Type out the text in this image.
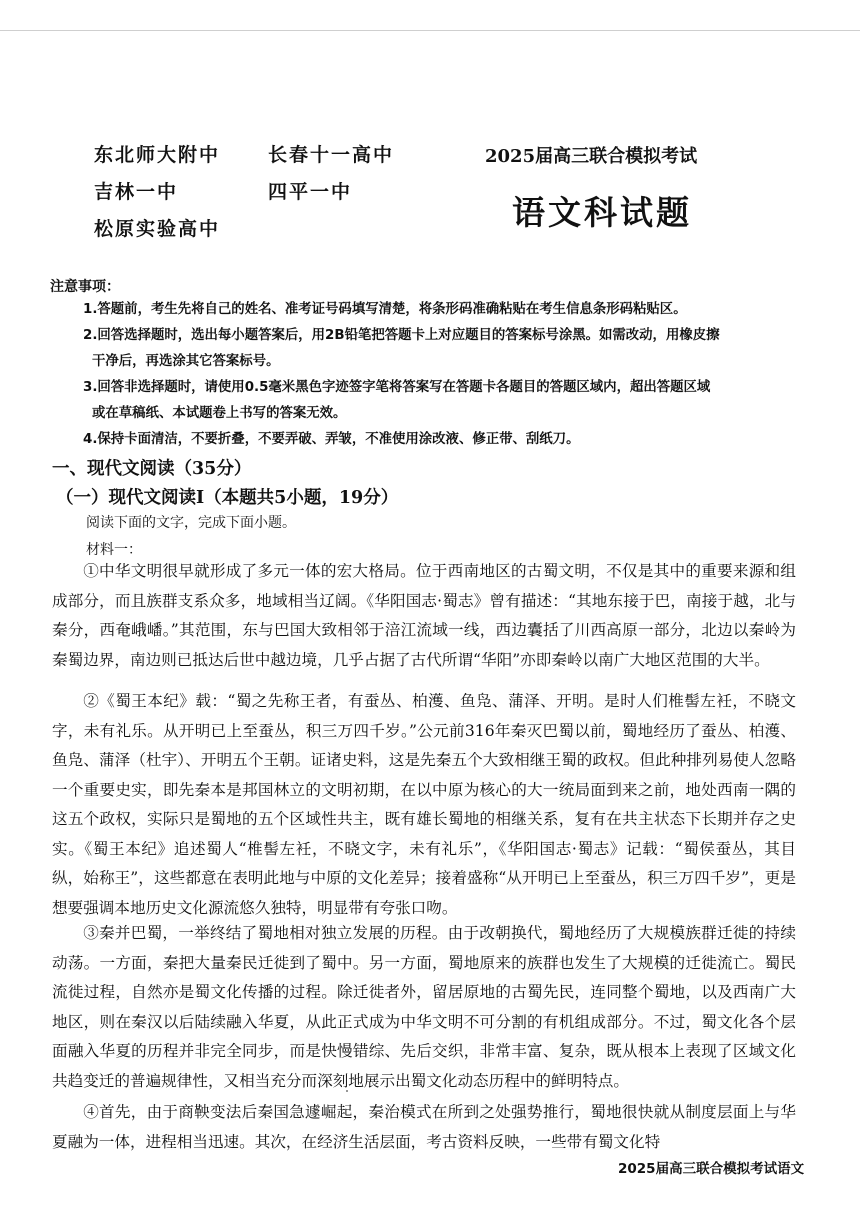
东北师大附中	长春十一高中
吉林一中	四平一中
松原实验高中
2025届高三联合模拟考试
语文科试题
注意事项：
1.答题前，考生先将自己的姓名、准考证号码填写清楚，将条形码准确粘贴在考生信息条形码粘贴区。
2.回答选择题时，选出每小题答案后，用2B铅笔把答题卡上对应题目的答案标号涂黑。如需改动，用橡皮擦
干净后，再选涂其它答案标号。
3.回答非选择题时，请使用0.5毫米黑色字迹签字笔将答案写在答题卡各题目的答题区域内，超出答题区域
或在草稿纸、本试题卷上书写的答案无效。
4.保持卡面清洁，不要折叠，不要弄破、弄皱，不准使用涂改液、修正带、刮纸刀。
一、现代文阅读（35分）
（一）现代文阅读Ⅰ（本题共5小题，19分）
阅读下面的文字，完成下面小题。
材料一：

①中华文明很早就形成了多元一体的宏大格局。位于西南地区的古蜀文明，不仅是其中的重要来源和组成部分，而且族群支系众多，地域相当辽阔。《华阳国志·蜀志》曾有描述：“其地东接于巴，南接于越，北与秦分，西奄峨嶓。”其范围，东与巴国大致相邻于涪江流域一线，西边囊括了川西高原一部分，北边以秦岭为秦蜀边界，南边则已抵达后世中越边境，几乎占据了古代所谓“华阳”亦即秦岭以南广大地区范围的大半。

②《蜀王本纪》载：“蜀之先称王者，有蚕丛、柏濩、鱼凫、蒲泽、开明。是时人们椎髻左衽，不晓文字，未有礼乐。从开明已上至蚕丛，积三万四千岁。”公元前316年秦灭巴蜀以前，蜀地经历了蚕丛、柏濩、鱼凫、蒲泽（杜宇）、开明五个王朝。证诸史料，这是先秦五个大致相继王蜀的政权。但此种排列易使人忽略一个重要史实，即先秦本是邦国林立的文明初期，在以中原为核心的大一统局面到来之前，地处西南一隅的这五个政权，实际只是蜀地的五个区域性共主，既有雄长蜀地的相继关系，复有在共主状态下长期并存之史实。《蜀王本纪》追述蜀人“椎髻左衽，不晓文字，未有礼乐”，《华阳国志·蜀志》记载：“蜀侯蚕丛，其目纵，始称王”，这些都意在表明此地与中原的文化差异；接着盛称“从开明已上至蚕丛，积三万四千岁”，更是想要强调本地历史文化源流悠久独特，明显带有夸张口吻。

③秦并巴蜀，一举终结了蜀地相对独立发展的历程。由于改朝换代，蜀地经历了大规模族群迁徙的持续动荡。一方面，秦把大量秦民迁徙到了蜀中。另一方面，蜀地原来的族群也发生了大规模的迁徙流亡。蜀民流徙过程，自然亦是蜀文化传播的过程。除迁徙者外，留居原地的古蜀先民，连同整个蜀地，以及西南广大地区，则在秦汉以后陆续融入华夏，从此正式成为中华文明不可分割的有机组成部分。不过，蜀文化各个层面融入华夏的历程并非完全同步，而是快慢错综、先后交织，非常丰富、复杂，既从根本上表现了区域文化共趋变迁的普遍规律性，又相当充分而深刻地展示出蜀文化动态历程中的鲜明特点。

④首先，由于商鞅变法后秦国急遽崛起，秦治模式在所到之处强势推行，蜀地很快就从制度层面上与华夏融为一体，进程相当迅速。其次，在经济生活层面，考古资料反映，一些带有蜀文化特

2025届高三联合模拟考试语文
